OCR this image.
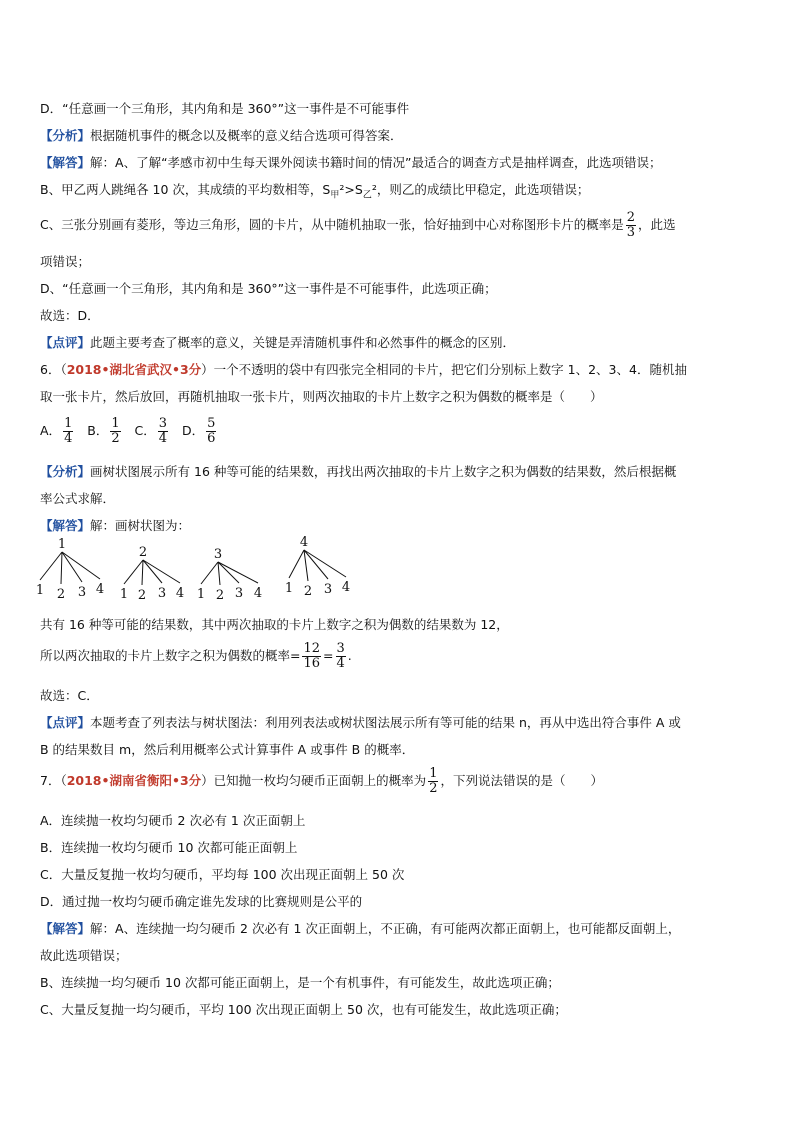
D．“任意画一个三角形，其内角和是 360°”这一事件是不可能事件
【分析】根据随机事件的概念以及概率的意义结合选项可得答案．
【解答】解：A、了解“孝感市初中生每天课外阅读书籍时间的情况”最适合的调查方式是抽样调查，此选项错误；
B、甲乙两人跳绳各 10 次，其成绩的平均数相等，$S_甲^2>S_乙^2$，则乙的成绩比甲稳定，此选项错误；
C、三张分别画有菱形，等边三角形，圆的卡片，从中随机抽取一张，恰好抽到中心对称图形卡片的概率是 $\frac{2}{3}$ ，此选
项错误；
D、“任意画一个三角形，其内角和是 360°”这一事件是不可能事件，此选项正确；
故选：D．
【点评】此题主要考查了概率的意义，关键是弄清随机事件和必然事件的概念的区别．
6．（2018•湖北省武汉•3分）一个不透明的袋中有四张完全相同的卡片，把它们分别标上数字 1、2、3、4．随机抽
取一张卡片，然后放回，再随机抽取一张卡片，则两次抽取的卡片上数字之积为偶数的概率是（　　）
A． $\frac{1}{4}$ B． $\frac{1}{2}$ C． $\frac{3}{4}$ D． $\frac{5}{6}$
【分析】画树状图展示所有 16 种等可能的结果数，再找出两次抽取的卡片上数字之积为偶数的结果数，然后根据概
率公式求解．
【解答】解：画树状图为：
1
1 2 3 4
2
1 2 3 4
3
1 2 3 4
4
1 2 3 4
共有 16 种等可能的结果数，其中两次抽取的卡片上数字之积为偶数的结果数为 12，
所以两次抽取的卡片上数字之积为偶数的概率= $\frac{12}{16} = \frac{3}{4}$ .
故选：C．
【点评】本题考查了列表法与树状图法：利用列表法或树状图法展示所有等可能的结果 n，再从中选出符合事件 A 或
B 的结果数目 m，然后利用概率公式计算事件 A 或事件 B 的概率．
7．（2018•湖南省衡阳•3分）已知抛一枚均匀硬币正面朝上的概率为 $\frac{1}{2}$ ，下列说法错误的是（　　）
A．连续抛一枚均匀硬币 2 次必有 1 次正面朝上
B．连续抛一枚均匀硬币 10 次都可能正面朝上
C．大量反复抛一枚均匀硬币，平均每 100 次出现正面朝上 50 次
D．通过抛一枚均匀硬币确定谁先发球的比赛规则是公平的
【解答】解：A、连续抛一均匀硬币 2 次必有 1 次正面朝上，不正确，有可能两次都正面朝上，也可能都反面朝上，
故此选项错误；
B、连续抛一均匀硬币 10 次都可能正面朝上，是一个有机事件，有可能发生，故此选项正确；
C、大量反复抛一均匀硬币，平均 100 次出现正面朝上 50 次，也有可能发生，故此选项正确；
